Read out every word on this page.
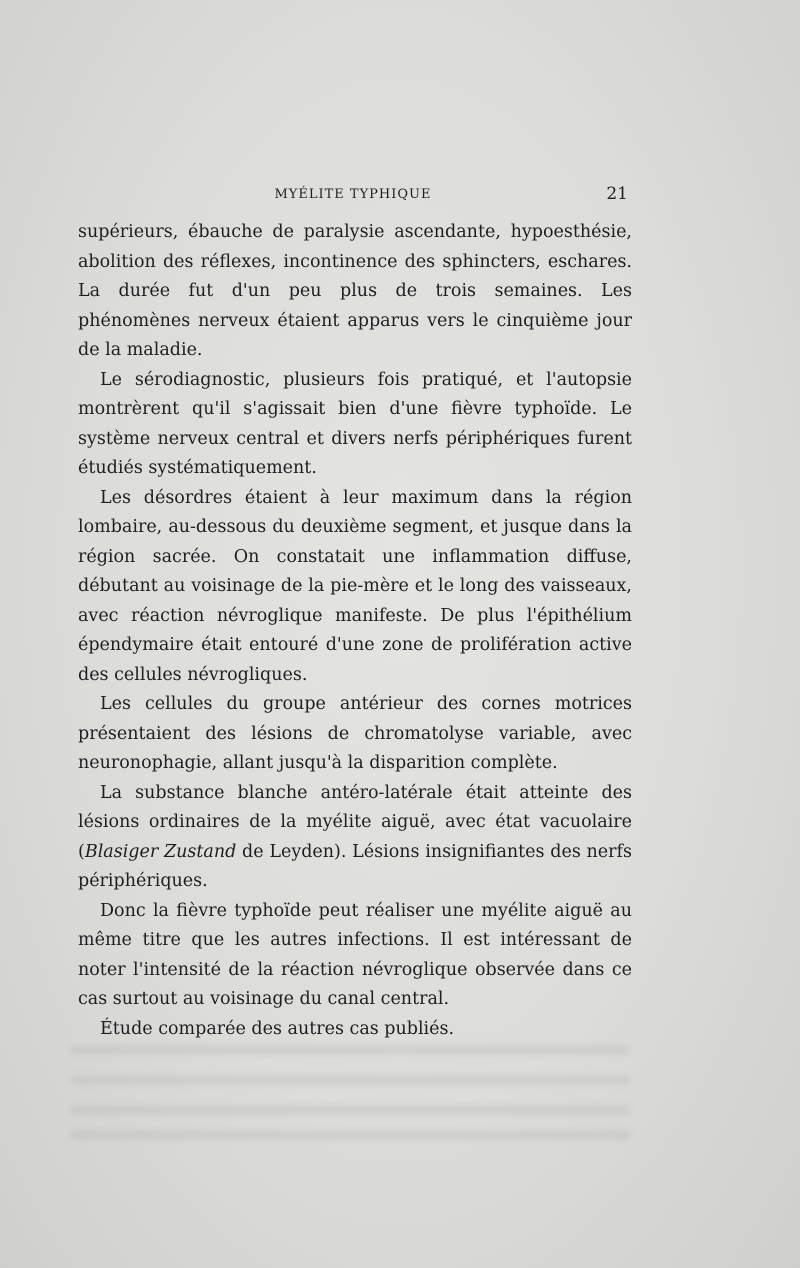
MYÉLITE TYPHIQUE	21

supérieurs, ébauche de paralysie ascendante, hypoesthésie, abolition des réflexes, incontinence des sphincters, eschares. La durée fut d'un peu plus de trois semaines. Les phénomènes nerveux étaient apparus vers le cinquième jour de la maladie.

Le sérodiagnostic, plusieurs fois pratiqué, et l'autopsie montrèrent qu'il s'agissait bien d'une fièvre typhoïde. Le système nerveux central et divers nerfs périphériques furent étudiés systématiquement.

Les désordres étaient à leur maximum dans la région lombaire, au-dessous du deuxième segment, et jusque dans la région sacrée. On constatait une inflammation diffuse, débutant au voisinage de la pie-mère et le long des vaisseaux, avec réaction névroglique manifeste. De plus l'épithélium épendymaire était entouré d'une zone de prolifération active des cellules névrogliques.

Les cellules du groupe antérieur des cornes motrices présentaient des lésions de chromatolyse variable, avec neuronophagie, allant jusqu'à la disparition complète.

La substance blanche antéro-latérale était atteinte des lésions ordinaires de la myélite aiguë, avec état vacuolaire (Blasiger Zustand de Leyden). Lésions insignifiantes des nerfs périphériques.

Donc la fièvre typhoïde peut réaliser une myélite aiguë au même titre que les autres infections. Il est intéressant de noter l'intensité de la réaction névroglique observée dans ce cas surtout au voisinage du canal central.

Étude comparée des autres cas publiés.
